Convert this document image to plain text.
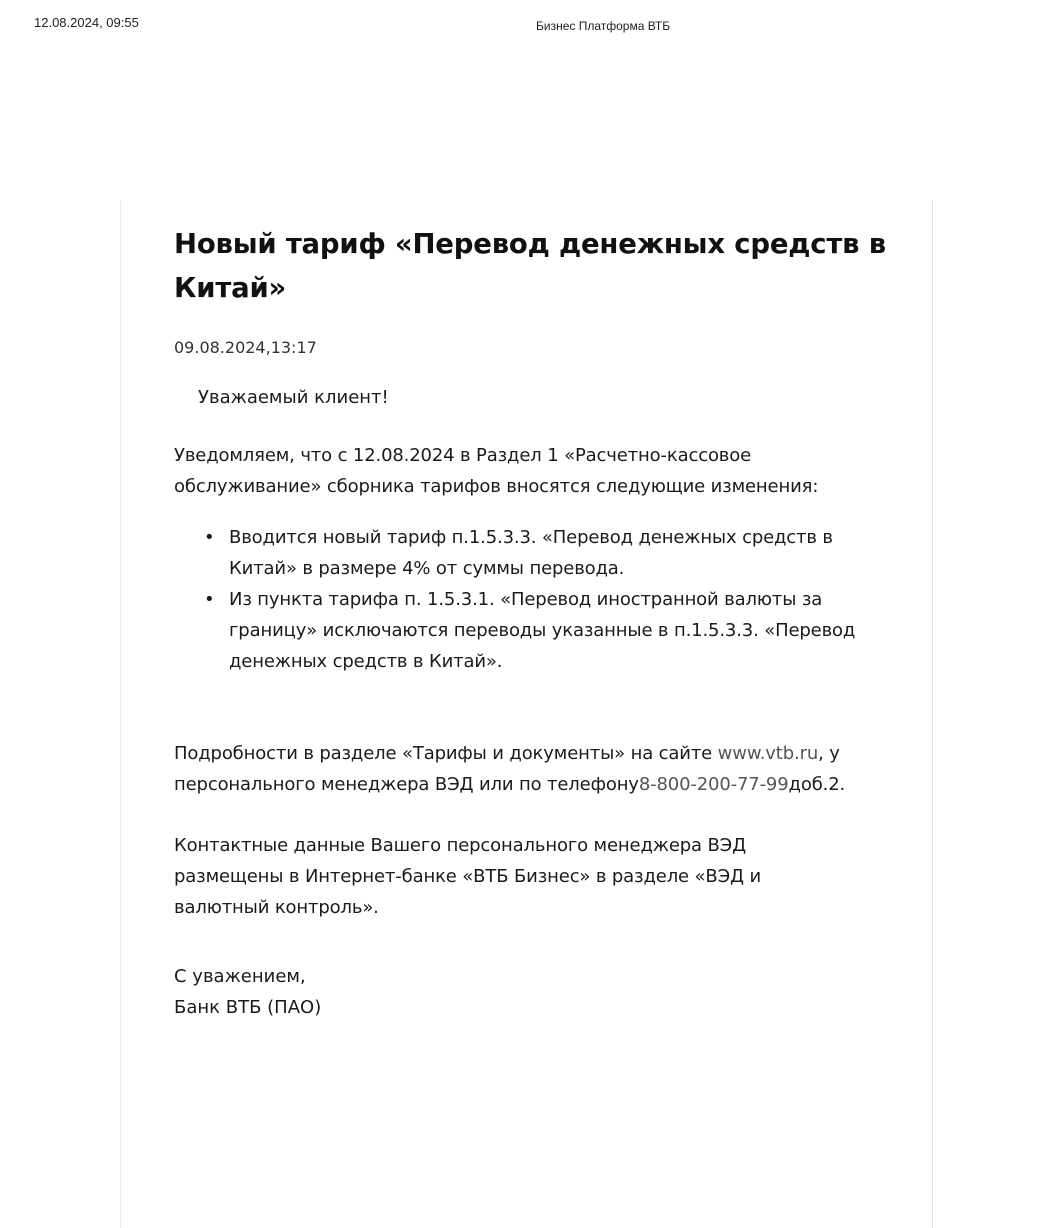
12.08.2024, 09:55	Бизнес Платформа ВТБ
Новый тариф «Перевод денежных средств в Китай»
09.08.2024,13:17
Уважаемый клиент!

Уведомляем, что с 12.08.2024 в Раздел 1 «Расчетно-кассовое обслуживание» сборника тарифов вносятся следующие изменения:

• Вводится новый тариф п.1.5.3.3. «Перевод денежных средств в Китай» в размере 4% от суммы перевода.
• Из пункта тарифа п. 1.5.3.1. «Перевод иностранной валюты за границу» исключаются переводы указанные в п.1.5.3.3. «Перевод денежных средств в Китай».

Подробности в разделе «Тарифы и документы» на сайте www.vtb.ru, у персонального менеджера ВЭД или по телефону8-800-200-77-99доб.2.

Контактные данные Вашего персонального менеджера ВЭД размещены в Интернет-банке «ВТБ Бизнес» в разделе «ВЭД и валютный контроль».

С уважением,
Банк ВТБ (ПАО)
